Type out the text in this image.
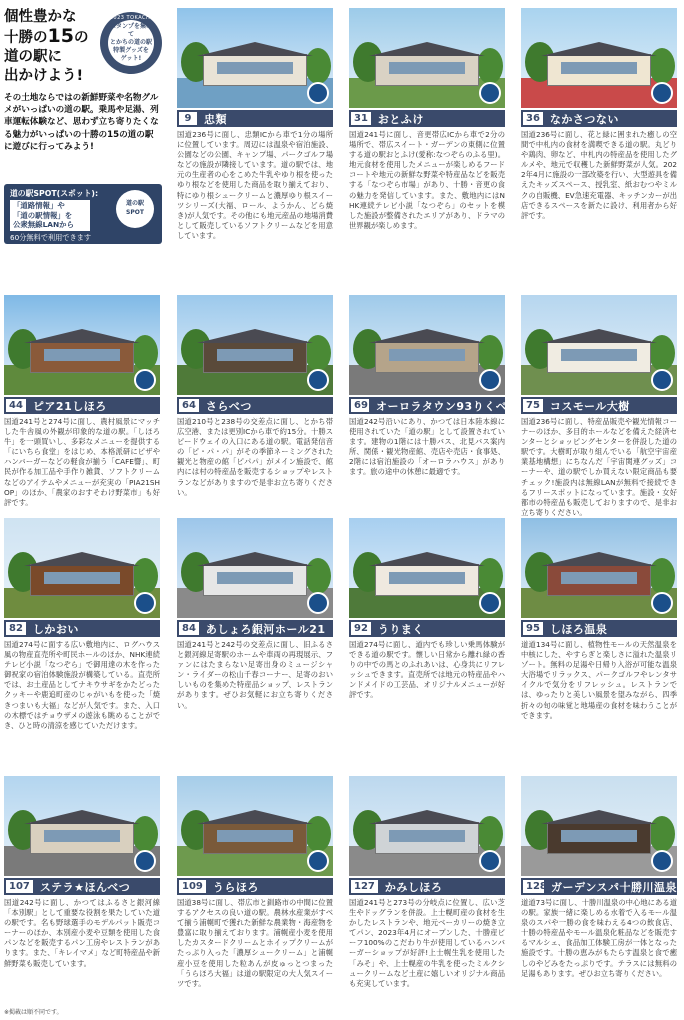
個性豊かな
十勝の15の
道の駅に
出かけよう!
2023 TOKACHI
スタンプを集めて
とかちの道の駅
特製グッズを
ゲット!
その土地ならではの新鮮野菜や名物グルメがいっぱいの道の駅。乗馬や足湯、列車運転体験など、思わず立ち寄りたくなる魅力がいっぱいの十勝の15の道の駅に遊びに行ってみよう!
道の駅SPOT(スポット):
「道路情報」や
「道の駅情報」を
公衆無線LANから
60分無料で利用できます
道の駅
SPOT
9	忠類
国道236号に面し、忠類ICから車で1分の場所に位置しています。周辺には温泉や宿泊施設、公園などの公園、キャンプ場、パークゴルフ場などの施設が隣接しています。道の駅では、地元の生産者の心をこめた牛乳やゆり根を使ったゆり根などを使用した商品を取り揃えており、特にゆり根シュークリームと濃厚ゆり根スイーツシリーズ(大福、ロール、ようかん、どら焼き)が人気です。その他にも地元産品の地場消費として販売しているソフトクリームなどを用意しています。
31 おとふけ
国道241号に面し、音更帯広ICから車で2分の場所で、帯広スイート・ガーデンの東側に位置する道の駅おとふけ(愛称:なつぞらのふる里)。地元食材を使用したメニューが楽しめるフードコートや地元の新鮮な野菜や特産品などを販売する「なつぞら市場」があり、十勝・音更の食の魅力を発信しています。また、敷地内にはNHK連続テレビ小説「なつぞら」のセットを模した施設が整備されたエリアがあり、ドラマの世界観が楽しめます。
36 なかさつない
国道236号に面し、花と緑に囲まれた癒しの空間で中札内の食材を満喫できる道の駅。丸どりや鶏肉、卵など、中札内の特産品を使用したグルメや、地元で収穫した新鮮野菜が人気。2022年4月に施設の一部改築を行い、大型遊具を備えたキッズスペース、授乳室、紙おむつやミルクの自販機、EV急速充電器、キッチンカーが出店できるスペースを新たに設け、利用者から好評です。
44 ピア21しほろ
国道241号と274号に面し、農村風景にマッチした牛舎風の外観が印象的な道の駅。「しほろ牛」を一頭買いし、多彩なメニューを提供する「にいちら食堂」をはじめ、本格派研にピザやハンバーガーなどの軽食が揃う「CAFE響」、町民が作る加工品や手作り雑貨、ソフトクリームなどのアイテムやメニューが充実の「PIA21SHOP」のほか、「農家のおすそわけ野菜市」も好評です。
64 さらべつ
国道210号と238号の交差点に面し、とかち帯広空港、または更別ICから車で約15分。十勝スピードウェイの入口にある道の駅。電話発信音の「ピ・パ・パ」がその季節ネーミングされた観光と物産の館「ピパパ」がメイン施設で、館内には村の特産品を販売するショップやレストランなどがありますので是非お立ち寄りください。
69 オーロラタウン93りくべつ
国道242号沿いにあり、かつては日本陸本線に使用されていた「道の駅」として設置されています。建物の1階には十勝バス、北見バス案内所、関係・観光物産館、売店や売店・食事処、2階には宿泊施設の「オーロラハウス」があります。旅の途中の休憩に最適です。
75 コスモール大樹
国道236号に面し、特産品販売や観光情報コーナーのほか、多目的ホールなどを備えた経済センターとショッピングセンターを併設した道の駅です。大樹町が取り組んでいる「航空宇宙産業基地構想」にちなんだ「宇宙関連グッズ」コーナーや、道の駅でしか買えない限定商品も要チェック!施設内は無線LANが無料で接続できるフリースポットになっています。施設・女好都市の特産品も販売しておりますので、是非お立ち寄りください。
82 しかおい
国道274号に面する広い敷地内に、ログハウス風の物産直売所や町民ホールのほか、NHK連続テレビ小説「なつぞら」で御用達の木を作った御祝家の宿泊体験施設が構築している。直売所では、お土産品としてナキウサギをかたどったクッキーや鹿追町産のじゃがいもを使った「焼きつまいも大福」などが人気です。また、入口の木標ではチョウザメの遊泳も眺めることができ、ひと時の清涼を感じていただけます。
84 あしょろ銀河ホール21
国道241号と242号の交差点に面し、旧ふるさと銀河線足寄駅のホームや車両の再現展示、ファンにはたまらない足寄出身のミュージシャン・ライダーの松山千春コーナー、足寄のおいしいものを集めた特産品ショップ、レストランがあります。ぜひお気軽にお立ち寄りください。
92 うりまく
国道274号に面し、道内でも珍しい乗馬体験ができる道の駅です。懐しい日常から離れ緑の香りの中での馬とのふれあいは、心身共にリフレッシュできます。直売所では地元の特産品やハンドメイドの工芸品、オリジナルメニューが好評です。
95 しほろ温泉
道道134号に面し、植物性モールの天然温泉を中核にした、やすらぎと楽しさに溢れた温泉リゾート。無料の足湯や日帰り入浴が可能な温泉大浴場でリラックス、パークゴルフやレンタサイクルで気分をリフレッシュ。レストランでは、ゆったりと美しい風景を望みながら、四季折々の旬の味覚と地場産の食材を味わうことができます。
107 ステラ★ほんべつ
国道242号に面し、かつてはふるさと銀河線「本別駅」として重要な役割を果たしていた道の駅です。名も野球選手のモデルパット販売コーナーのほか、本別産小麦や豆類を使用した食パンなどを販売するパン工房やレストランがあります。また、「キレイマメ」など町特産品や新鮮野菜も販売しています。
109 うらほろ
国道38号に面し、帯広市と釧路市の中間に位置するアクセスの良い道の駅。農林水産業がすべて揃う浦幌町で獲れた新鮮な農業物・海産物を豊富に取り揃えております。浦幌産小麦を使用したカスタードクリームとホイップクリームがたっぷり入った「濃厚シュークリーム」と浦幌産小豆を使用した粒あんが皮ゅっとつまった「うらほろ大福」は道の駅限定の大人気スイーツです。
127 かみしほろ
国道241号と273号の分岐点に位置し、広い芝生やドッグランを併設。上士幌町産の食材を生かしたレストランや、地元ベーカリーの焼き立てパン、2023年4月にオープンした、十勝産ビーフ100%のこだわり牛が使用しているハンバーガーショップが好評!上士幌生乳を使用した「みそ」や、上士幌産の牛乳を使ったミルクシュークリームなど土産に嬉しいオリジナル商品も充実しています。
128 ガーデンスパ十勝川温泉
道道73号に面し、十勝川温泉の中心地にある道の駅。家族一緒に楽しめる水着で入るモール温泉のスパや一勝の食を味わえる4つの飲食店、十勝の特産品やモール温泉化粧品などを販売するマルシェ、食品加工体験工房が一体となった施設です。十勝の恵みがもたらす温泉と食で癒しのやどみをたっぷりです。テラスには無料の足湯もあります。ぜひお立ち寄りください。
※掲載は順不同です。
